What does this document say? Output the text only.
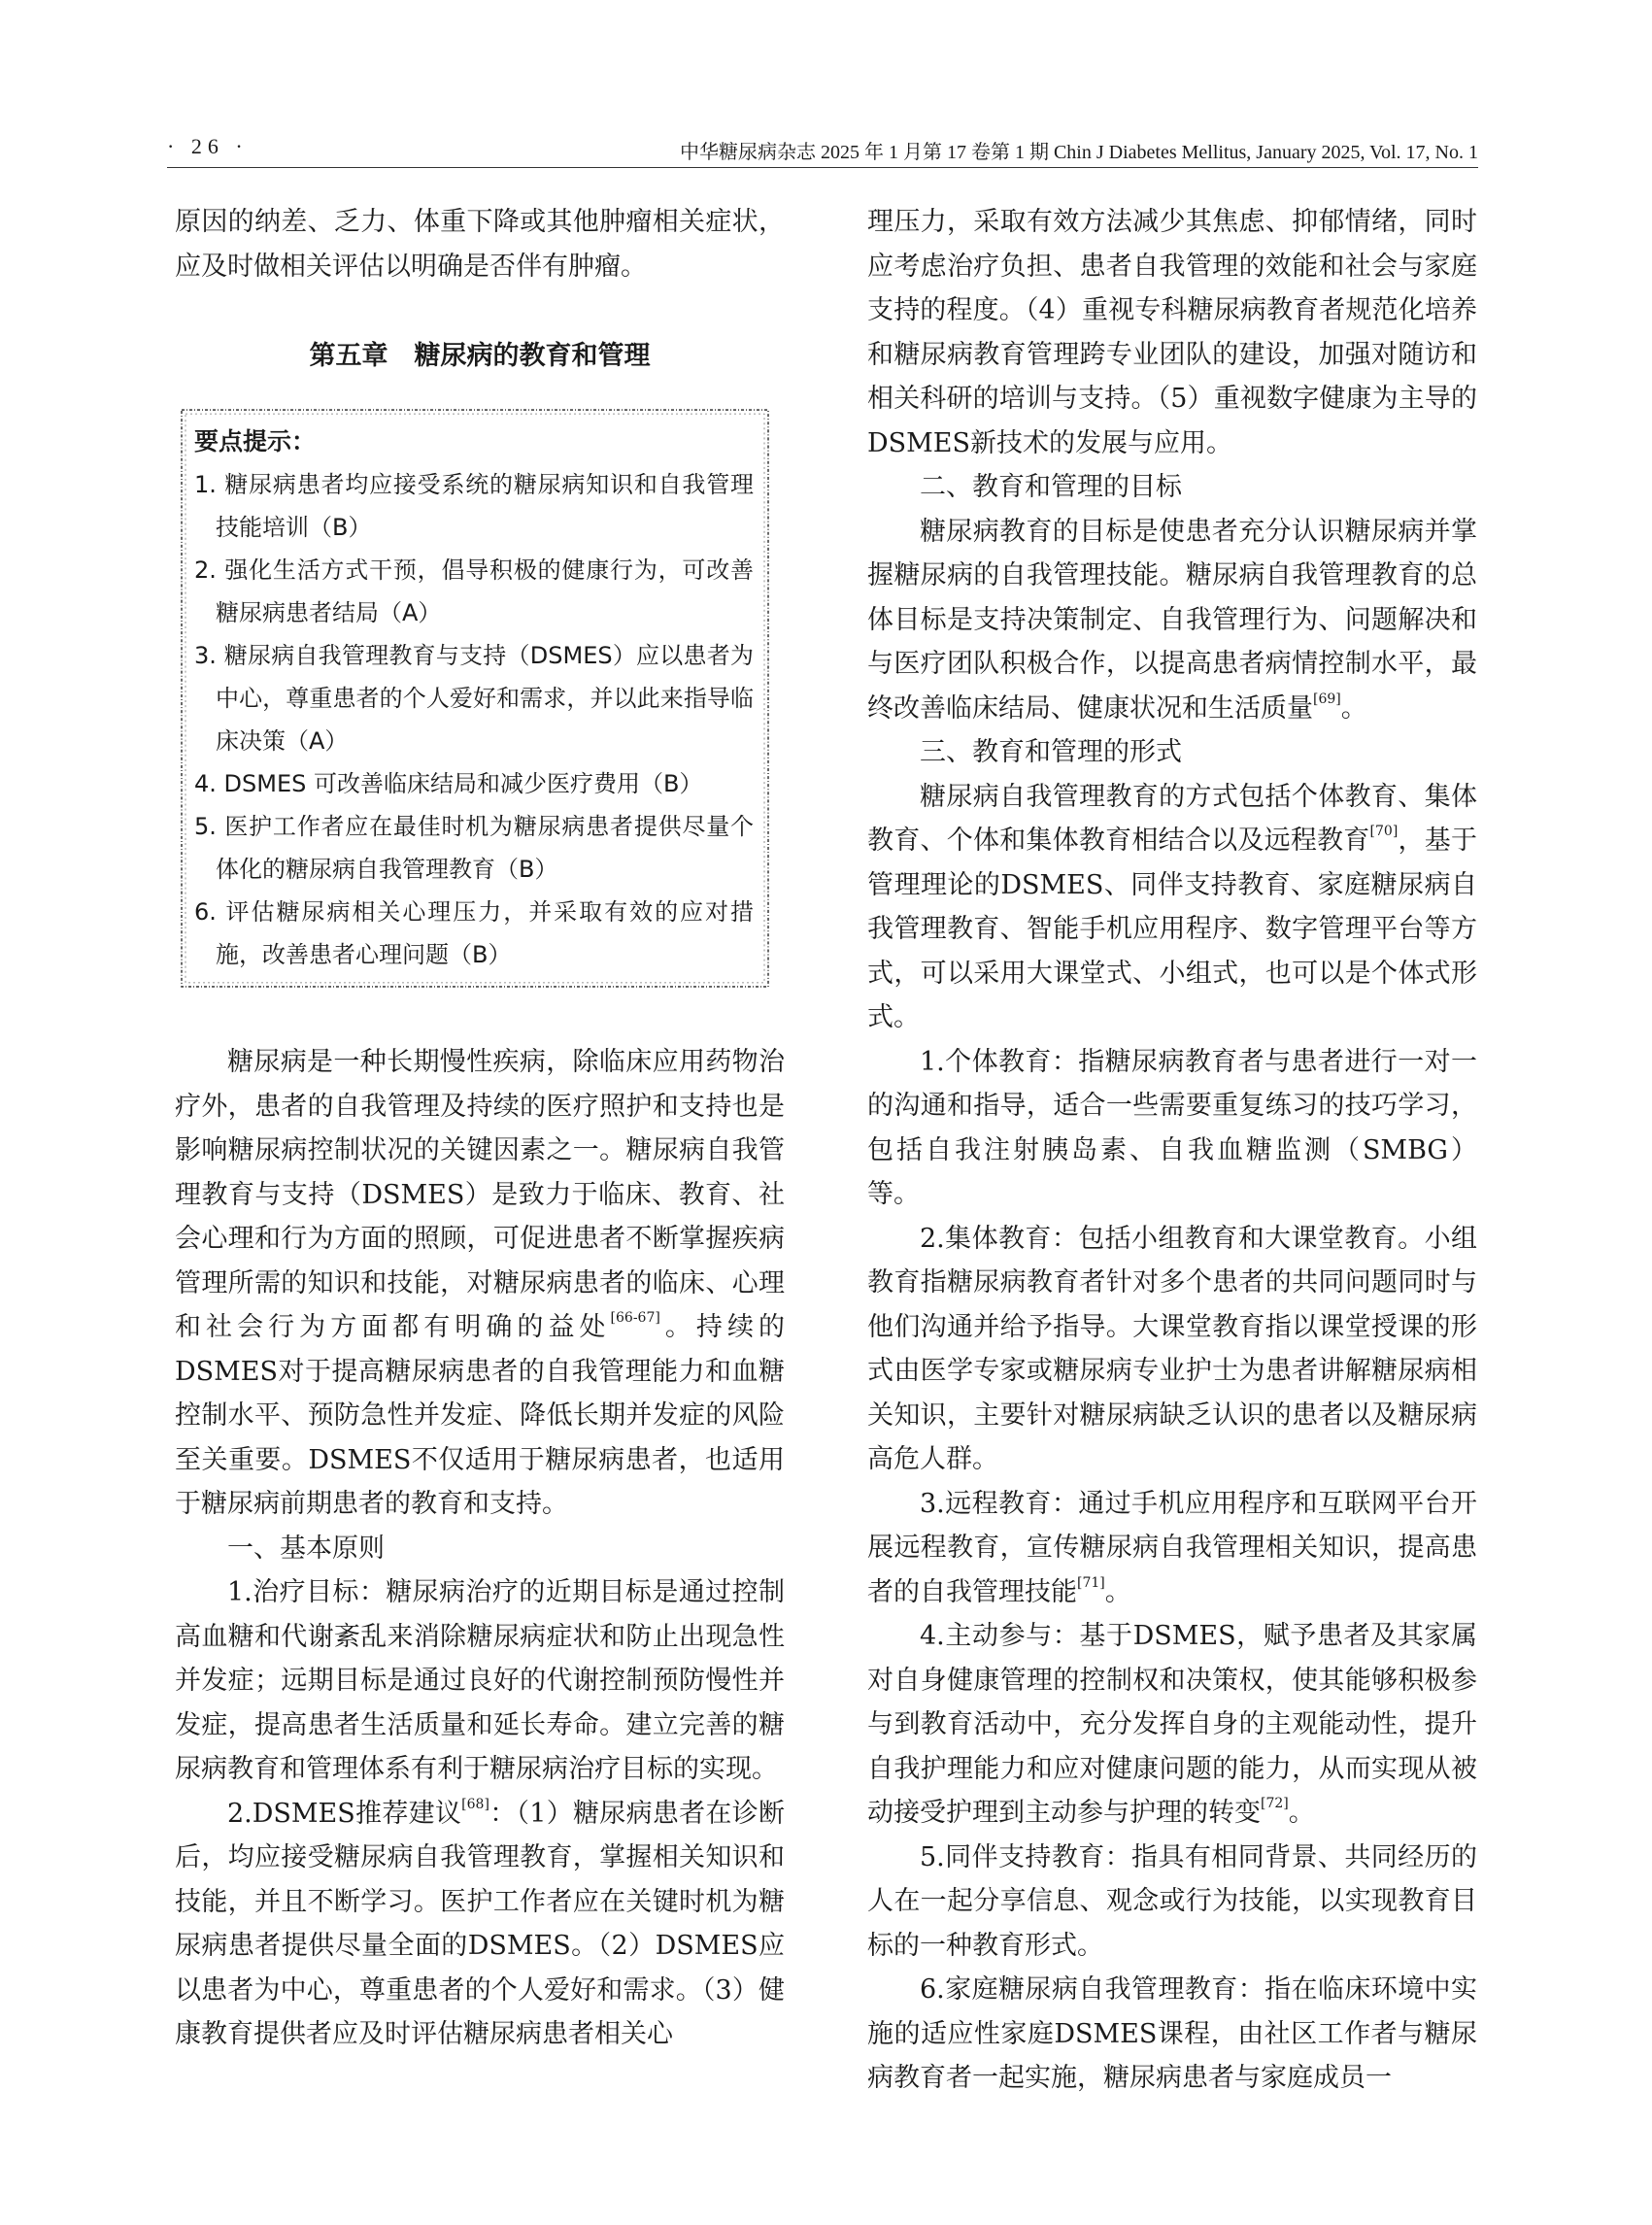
· 26 ·	中华糖尿病杂志 2025 年 1 月第 17 卷第 1 期 Chin J Diabetes Mellitus, January 2025, Vol. 17, No. 1

原因的纳差、乏力、体重下降或其他肿瘤相关症状，应及时做相关评估以明确是否伴有肿瘤。

第五章　糖尿病的教育和管理
要点提示：
1. 糖尿病患者均应接受系统的糖尿病知识和自我管理技能培训（B）
2. 强化生活方式干预，倡导积极的健康行为，可改善糖尿病患者结局（A）
3. 糖尿病自我管理教育与支持（DSMES）应以患者为中心，尊重患者的个人爱好和需求，并以此来指导临床决策（A）
4. DSMES 可改善临床结局和减少医疗费用（B）
5. 医护工作者应在最佳时机为糖尿病患者提供尽量个体化的糖尿病自我管理教育（B）
6. 评估糖尿病相关心理压力，并采取有效的应对措施，改善患者心理问题（B）

糖尿病是一种长期慢性疾病，除临床应用药物治疗外，患者的自我管理及持续的医疗照护和支持也是影响糖尿病控制状况的关键因素之一。糖尿病自我管理教育与支持（DSMES）是致力于临床、教育、社会心理和行为方面的照顾，可促进患者不断掌握疾病管理所需的知识和技能，对糖尿病患者的临床、心理和社会行为方面都有明确的益处[66-67]。持续的DSMES对于提高糖尿病患者的自我管理能力和血糖控制水平、预防急性并发症、降低长期并发症的风险至关重要。DSMES不仅适用于糖尿病患者，也适用于糖尿病前期患者的教育和支持。

一、基本原则

1.治疗目标：糖尿病治疗的近期目标是通过控制高血糖和代谢紊乱来消除糖尿病症状和防止出现急性并发症；远期目标是通过良好的代谢控制预防慢性并发症，提高患者生活质量和延长寿命。建立完善的糖尿病教育和管理体系有利于糖尿病治疗目标的实现。

2.DSMES推荐建议[68]：（1）糖尿病患者在诊断后，均应接受糖尿病自我管理教育，掌握相关知识和技能，并且不断学习。医护工作者应在关键时机为糖尿病患者提供尽量全面的DSMES。（2）DSMES应以患者为中心，尊重患者的个人爱好和需求。（3）健康教育提供者应及时评估糖尿病患者相关心

理压力，采取有效方法减少其焦虑、抑郁情绪，同时应考虑治疗负担、患者自我管理的效能和社会与家庭支持的程度。（4）重视专科糖尿病教育者规范化培养和糖尿病教育管理跨专业团队的建设，加强对随访和相关科研的培训与支持。（5）重视数字健康为主导的DSMES新技术的发展与应用。

二、教育和管理的目标

糖尿病教育的目标是使患者充分认识糖尿病并掌握糖尿病的自我管理技能。糖尿病自我管理教育的总体目标是支持决策制定、自我管理行为、问题解决和与医疗团队积极合作，以提高患者病情控制水平，最终改善临床结局、健康状况和生活质量[69]。

三、教育和管理的形式

糖尿病自我管理教育的方式包括个体教育、集体教育、个体和集体教育相结合以及远程教育[70]，基于管理理论的DSMES、同伴支持教育、家庭糖尿病自我管理教育、智能手机应用程序、数字管理平台等方式，可以采用大课堂式、小组式，也可以是个体式形式。

1.个体教育：指糖尿病教育者与患者进行一对一的沟通和指导，适合一些需要重复练习的技巧学习，包括自我注射胰岛素、自我血糖监测（SMBG）等。

2.集体教育：包括小组教育和大课堂教育。小组教育指糖尿病教育者针对多个患者的共同问题同时与他们沟通并给予指导。大课堂教育指以课堂授课的形式由医学专家或糖尿病专业护士为患者讲解糖尿病相关知识，主要针对糖尿病缺乏认识的患者以及糖尿病高危人群。

3.远程教育：通过手机应用程序和互联网平台开展远程教育，宣传糖尿病自我管理相关知识，提高患者的自我管理技能[71]。

4.主动参与：基于DSMES，赋予患者及其家属对自身健康管理的控制权和决策权，使其能够积极参与到教育活动中，充分发挥自身的主观能动性，提升自我护理能力和应对健康问题的能力，从而实现从被动接受护理到主动参与护理的转变[72]。

5.同伴支持教育：指具有相同背景、共同经历的人在一起分享信息、观念或行为技能，以实现教育目标的一种教育形式。

6.家庭糖尿病自我管理教育：指在临床环境中实施的适应性家庭DSMES课程，由社区工作者与糖尿病教育者一起实施，糖尿病患者与家庭成员一
